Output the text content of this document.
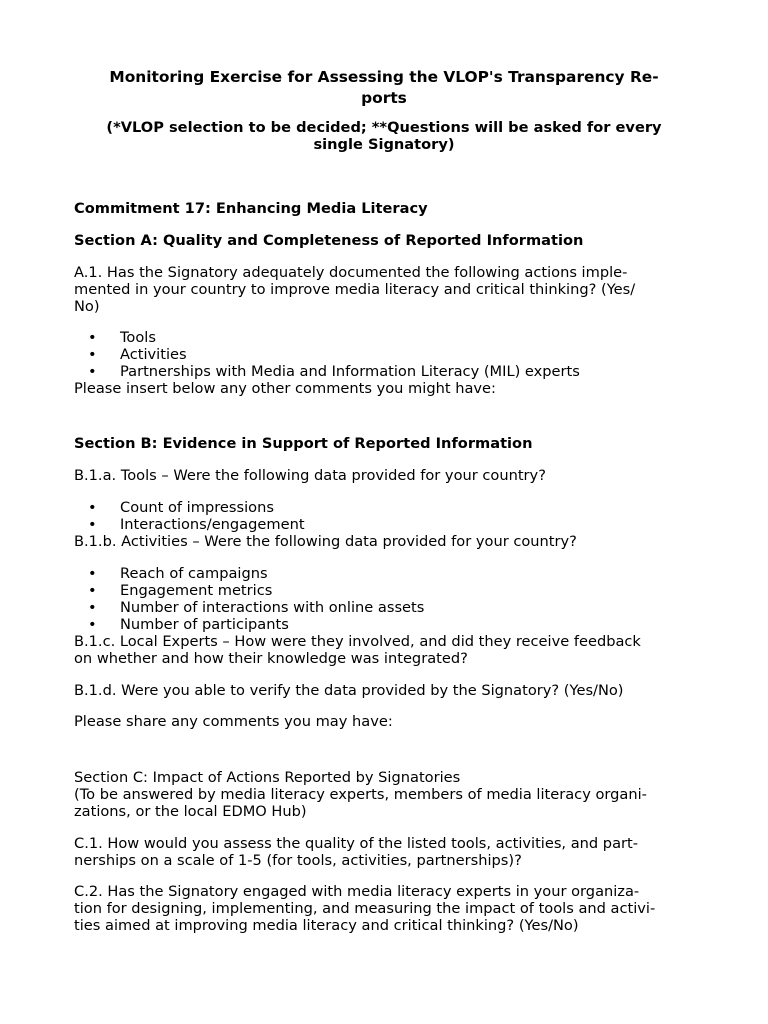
Monitoring Exercise for Assessing the VLOP's Transparency Re-
ports
(*VLOP selection to be decided; **Questions will be asked for every
single Signatory)
Commitment 17: Enhancing Media Literacy
Section A: Quality and Completeness of Reported Information
A.1. Has the Signatory adequately documented the following actions imple-
mented in your country to improve media literacy and critical thinking? (Yes/
No)
• Tools
• Activities
• Partnerships with Media and Information Literacy (MIL) experts
Please insert below any other comments you might have:
Section B: Evidence in Support of Reported Information
B.1.a. Tools – Were the following data provided for your country?
• Count of impressions
• Interactions/engagement
B.1.b. Activities – Were the following data provided for your country?
• Reach of campaigns
• Engagement metrics
• Number of interactions with online assets
• Number of participants
B.1.c. Local Experts – How were they involved, and did they receive feedback
on whether and how their knowledge was integrated?
B.1.d. Were you able to verify the data provided by the Signatory? (Yes/No)
Please share any comments you may have:
Section C: Impact of Actions Reported by Signatories
(To be answered by media literacy experts, members of media literacy organi-
zations, or the local EDMO Hub)
C.1. How would you assess the quality of the listed tools, activities, and part-
nerships on a scale of 1-5 (for tools, activities, partnerships)?
C.2. Has the Signatory engaged with media literacy experts in your organiza-
tion for designing, implementing, and measuring the impact of tools and activi-
ties aimed at improving media literacy and critical thinking? (Yes/No)
